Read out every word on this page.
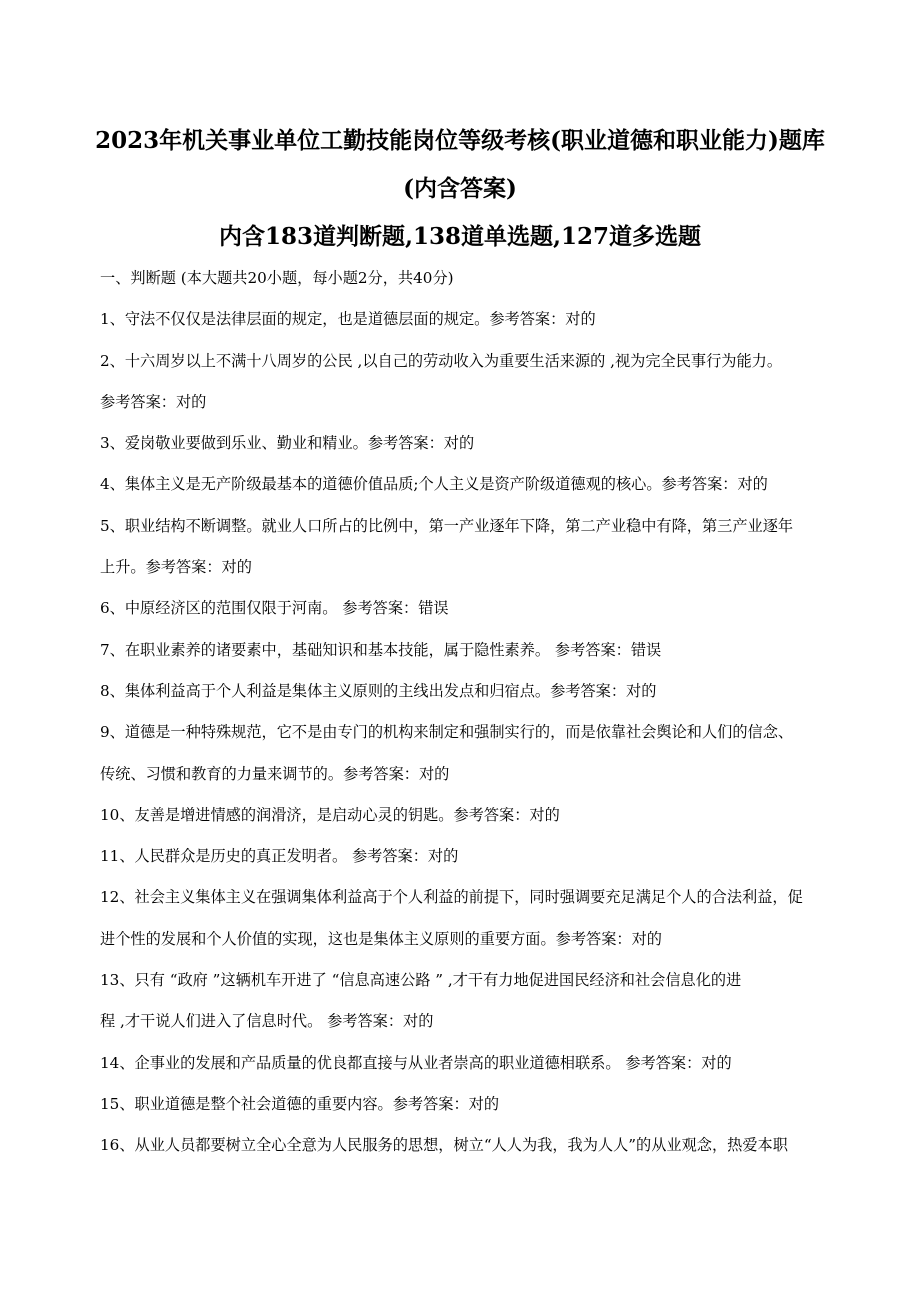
2023年机关事业单位工勤技能岗位等级考核(职业道德和职业能力)题库
(内含答案)
内含183道判断题,138道单选题,127道多选题
一、判断题 (本大题共20小题，每小题2分，共40分)
1、守法不仅仅是法律层面的规定，也是道德层面的规定。参考答案：对的
2、十六周岁以上不满十八周岁的公民 ,以自己的劳动收入为重要生活来源的 ,视为完全民事行为能力。
参考答案：对的
3、爱岗敬业要做到乐业、勤业和精业。参考答案：对的
4、集体主义是无产阶级最基本的道德价值品质;个人主义是资产阶级道德观的核心。参考答案：对的
5、职业结构不断调整。就业人口所占的比例中，第一产业逐年下降，第二产业稳中有降，第三产业逐年
上升。参考答案：对的
6、中原经济区的范围仅限于河南。 参考答案：错误
7、在职业素养的诸要素中，基础知识和基本技能，属于隐性素养。 参考答案：错误
8、集体利益高于个人利益是集体主义原则的主线出发点和归宿点。参考答案：对的
9、道德是一种特殊规范，它不是由专门的机构来制定和强制实行的，而是依靠社会舆论和人们的信念、
传统、习惯和教育的力量来调节的。参考答案：对的
10、友善是增进情感的润滑济，是启动心灵的钥匙。参考答案：对的
11、人民群众是历史的真正发明者。 参考答案：对的
12、社会主义集体主义在强调集体利益高于个人利益的前提下，同时强调要充足满足个人的合法利益，促
进个性的发展和个人价值的实现，这也是集体主义原则的重要方面。参考答案：对的
13、只有 “政府 ”这辆机车开进了 “信息高速公路 ” ,才干有力地促进国民经济和社会信息化的进
程 ,才干说人们进入了信息时代。 参考答案：对的
14、企事业的发展和产品质量的优良都直接与从业者崇高的职业道德相联系。 参考答案：对的
15、职业道德是整个社会道德的重要内容。参考答案：对的
16、从业人员都要树立全心全意为人民服务的思想，树立“人人为我，我为人人”的从业观念，热爱本职
